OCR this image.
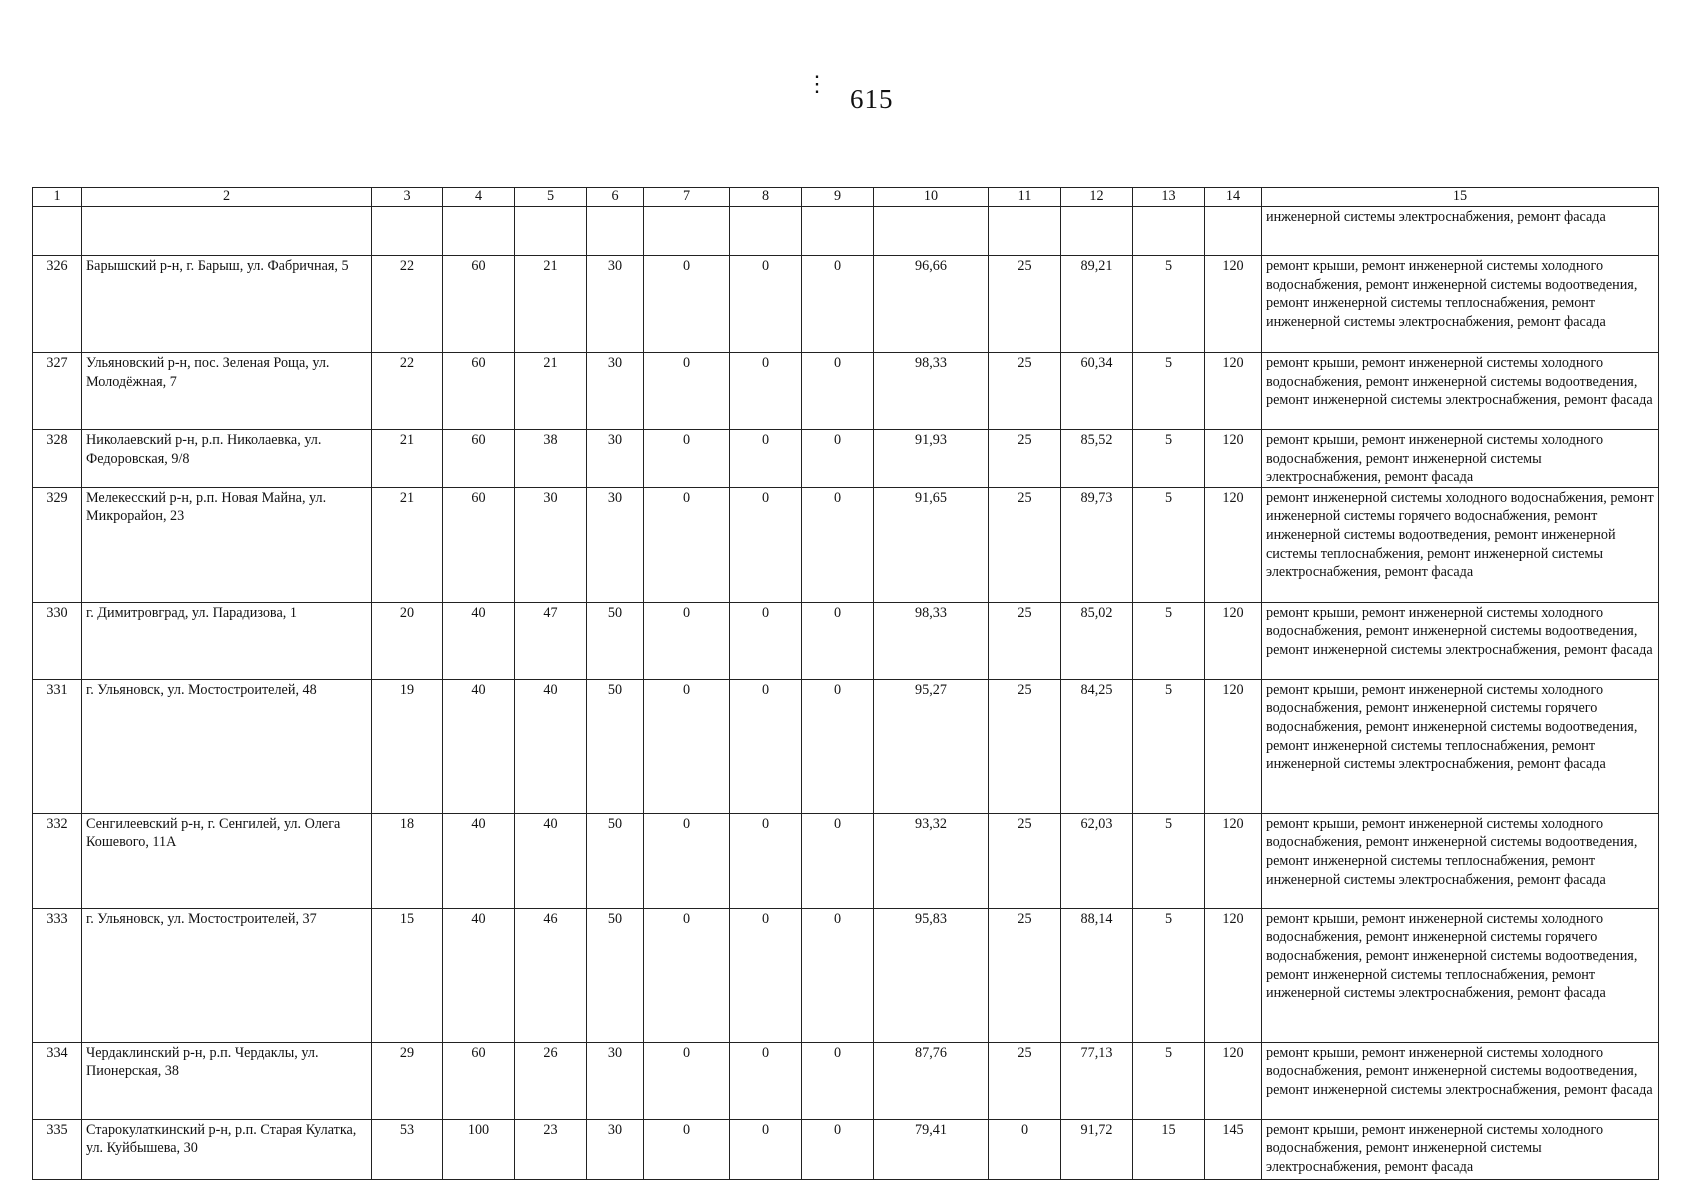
⋮
615
1	2	3	4	5	6	7	8	9	10	11	12	13	14	15
														инженерной системы электроснабжения, ремонт фасада
326	Барышский р-н, г. Барыш, ул. Фабричная, 5	22	60	21	30	0	0	0	96,66	25	89,21	5	120	ремонт крыши, ремонт инженерной системы холодного водоснабжения, ремонт инженерной системы водоотведения, ремонт инженерной системы теплоснабжения, ремонт инженерной системы электроснабжения, ремонт фасада
327	Ульяновский р-н, пос. Зеленая Роща, ул. Молодёжная, 7	22	60	21	30	0	0	0	98,33	25	60,34	5	120	ремонт крыши, ремонт инженерной системы холодного водоснабжения, ремонт инженерной системы водоотведения, ремонт инженерной системы электроснабжения, ремонт фасада
328	Николаевский р-н, р.п. Николаевка, ул. Федоровская, 9/8	21	60	38	30	0	0	0	91,93	25	85,52	5	120	ремонт крыши, ремонт инженерной системы холодного водоснабжения, ремонт инженерной системы электроснабжения, ремонт фасада
329	Мелекесский р-н, р.п. Новая Майна, ул. Микрорайон, 23	21	60	30	30	0	0	0	91,65	25	89,73	5	120	ремонт инженерной системы холодного водоснабжения, ремонт инженерной системы горячего водоснабжения, ремонт инженерной системы водоотведения, ремонт инженерной системы теплоснабжения, ремонт инженерной системы электроснабжения, ремонт фасада
330	г. Димитровград, ул. Парадизова, 1	20	40	47	50	0	0	0	98,33	25	85,02	5	120	ремонт крыши, ремонт инженерной системы холодного водоснабжения, ремонт инженерной системы водоотведения, ремонт инженерной системы электроснабжения, ремонт фасада
331	г. Ульяновск, ул. Мостостроителей, 48	19	40	40	50	0	0	0	95,27	25	84,25	5	120	ремонт крыши, ремонт инженерной системы холодного водоснабжения, ремонт инженерной системы горячего водоснабжения, ремонт инженерной системы водоотведения, ремонт инженерной системы теплоснабжения, ремонт инженерной системы электроснабжения, ремонт фасада
332	Сенгилеевский р-н, г. Сенгилей, ул. Олега Кошевого, 11А	18	40	40	50	0	0	0	93,32	25	62,03	5	120	ремонт крыши, ремонт инженерной системы холодного водоснабжения, ремонт инженерной системы водоотведения, ремонт инженерной системы теплоснабжения, ремонт инженерной системы электроснабжения, ремонт фасада
333	г. Ульяновск, ул. Мостостроителей, 37	15	40	46	50	0	0	0	95,83	25	88,14	5	120	ремонт крыши, ремонт инженерной системы холодного водоснабжения, ремонт инженерной системы горячего водоснабжения, ремонт инженерной системы водоотведения, ремонт инженерной системы теплоснабжения, ремонт инженерной системы электроснабжения, ремонт фасада
334	Чердаклинский р-н, р.п. Чердаклы, ул. Пионерская, 38	29	60	26	30	0	0	0	87,76	25	77,13	5	120	ремонт крыши, ремонт инженерной системы холодного водоснабжения, ремонт инженерной системы водоотведения, ремонт инженерной системы электроснабжения, ремонт фасада
335	Старокулаткинский р-н, р.п. Старая Кулатка, ул. Куйбышева, 30	53	100	23	30	0	0	0	79,41	0	91,72	15	145	ремонт крыши, ремонт инженерной системы холодного водоснабжения, ремонт инженерной системы электроснабжения, ремонт фасада
